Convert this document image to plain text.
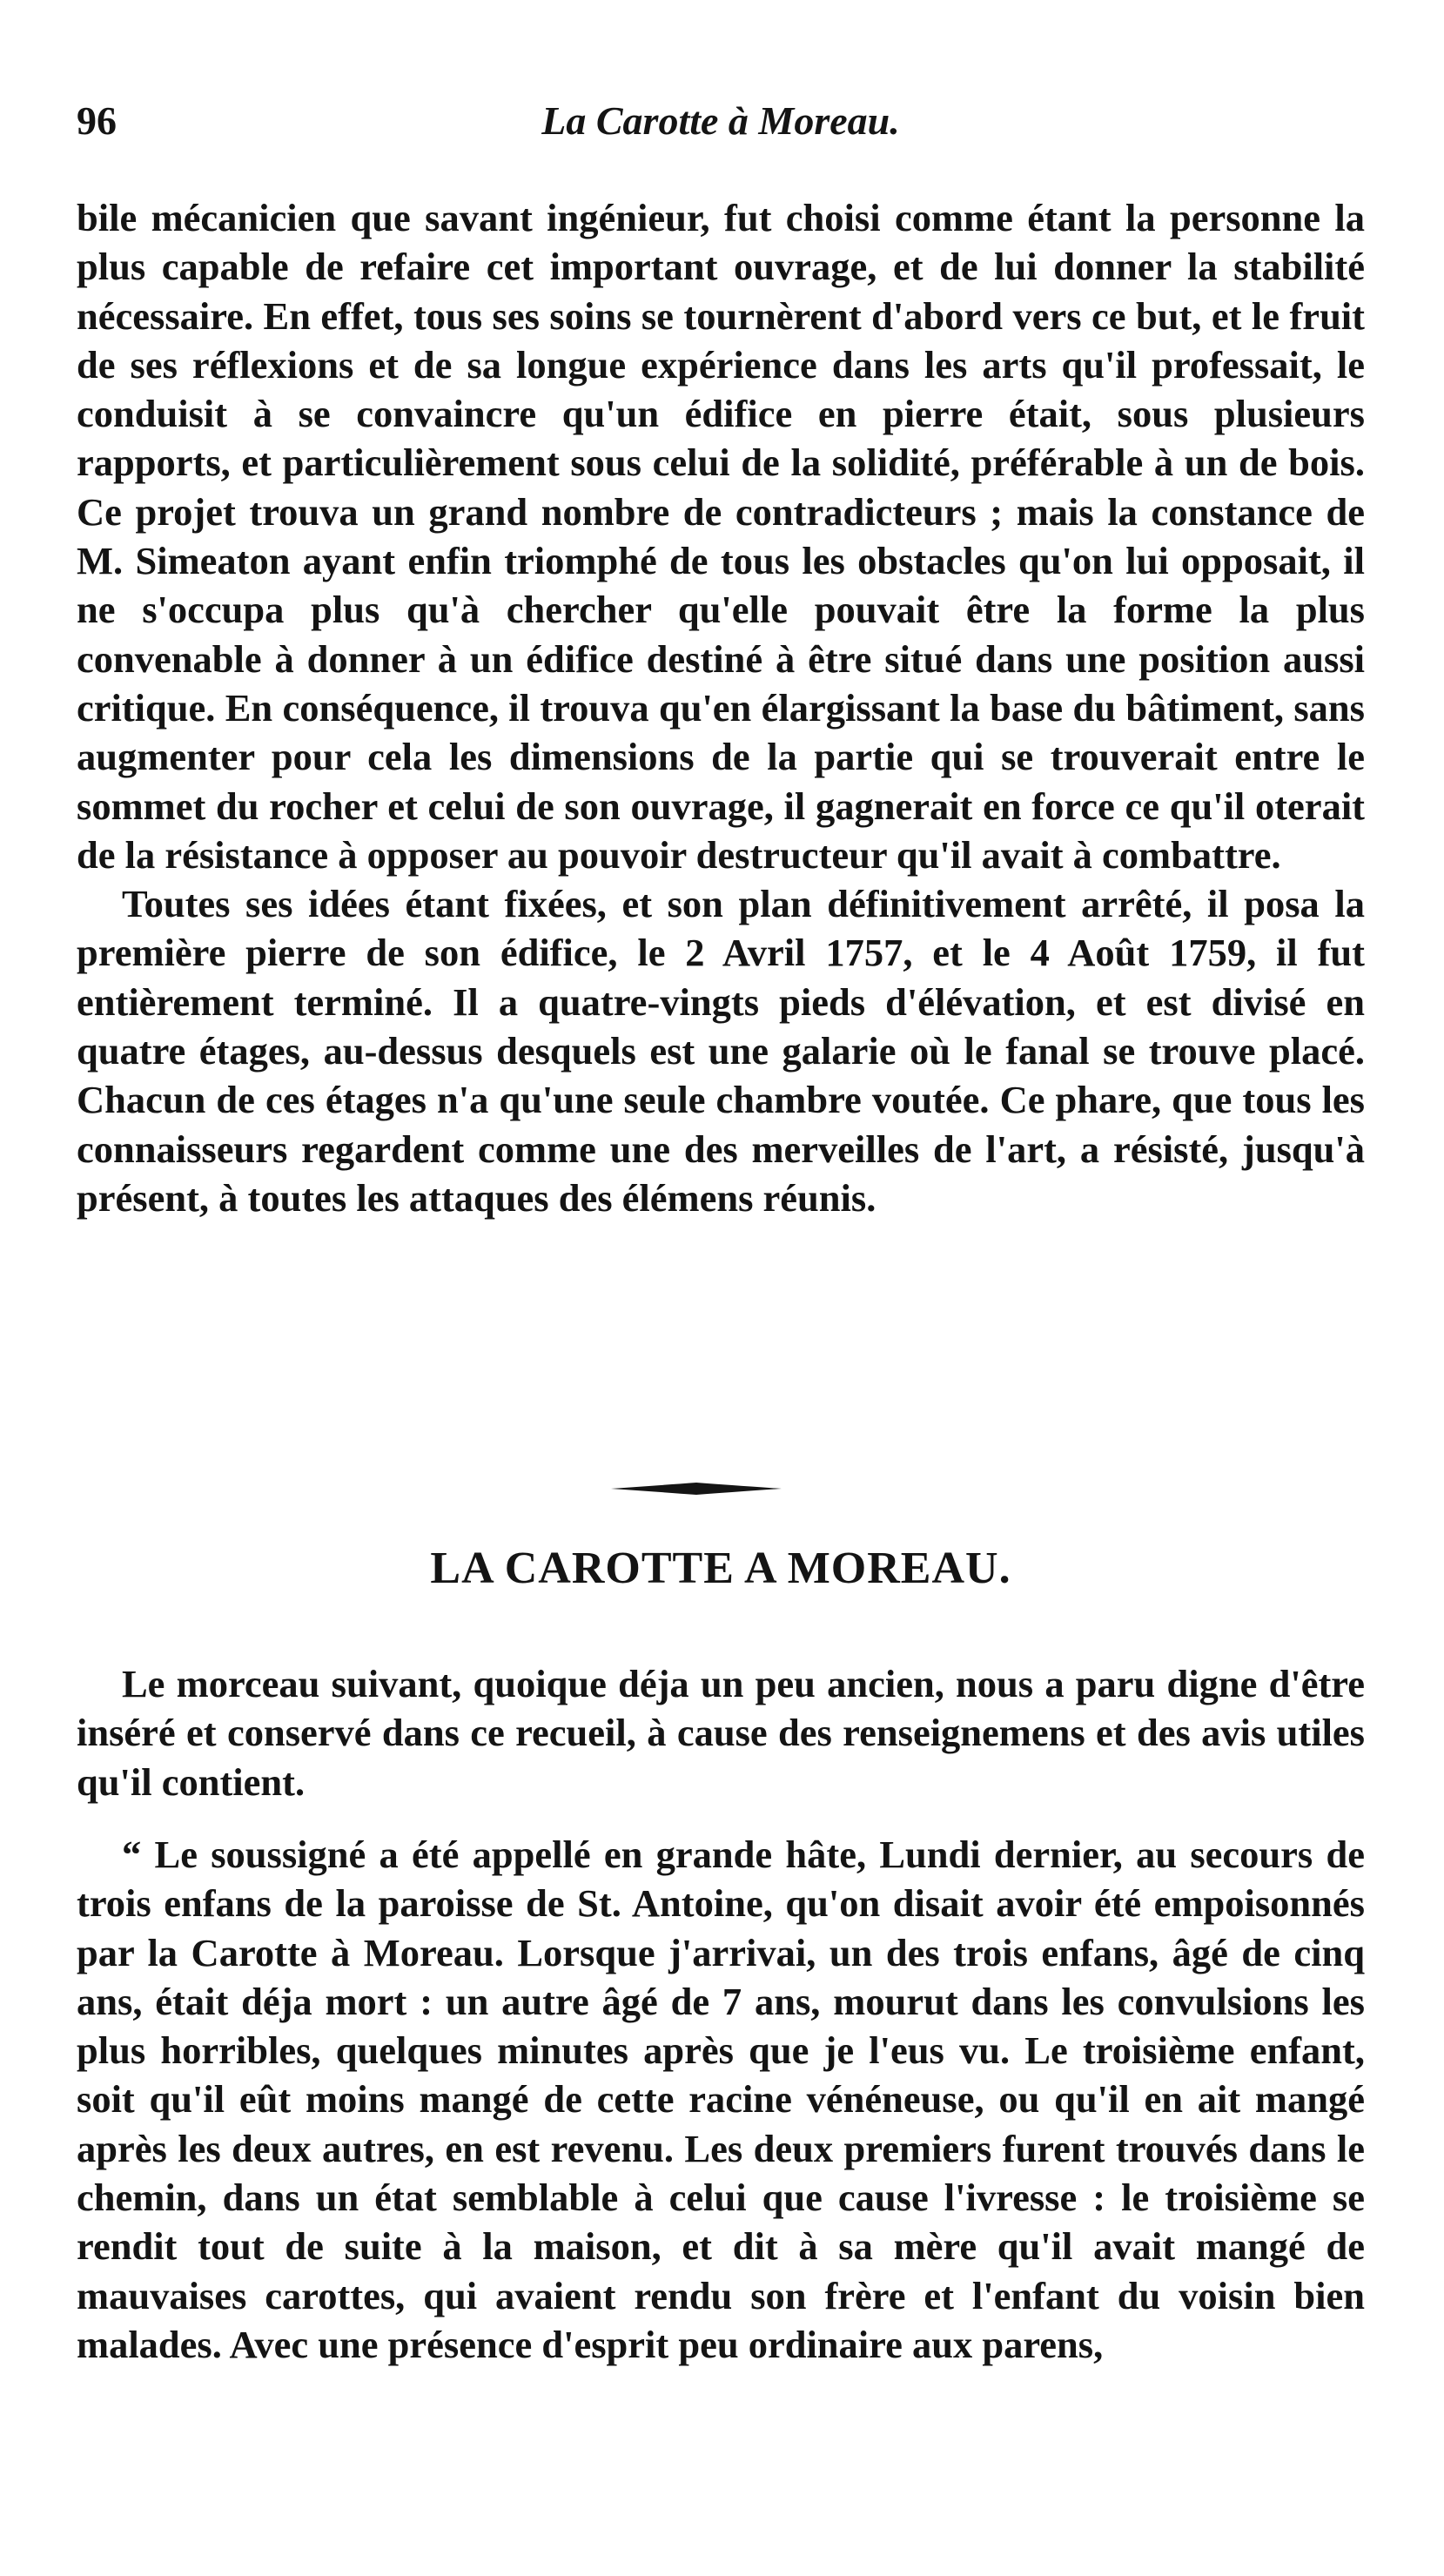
96	La Carotte à Moreau.

bile mécanicien que savant ingénieur, fut choisi comme étant la personne la plus capable de refaire cet important ouvrage, et de lui donner la stabilité nécessaire. En effet, tous ses soins se tournèrent d'abord vers ce but, et le fruit de ses réflexions et de sa longue expérience dans les arts qu'il professait, le conduisit à se convaincre qu'un édifice en pierre était, sous plusieurs rapports, et particulièrement sous celui de la solidité, préférable à un de bois. Ce projet trouva un grand nombre de contradicteurs ; mais la constance de M. Simeaton ayant enfin triomphé de tous les obstacles qu'on lui opposait, il ne s'occupa plus qu'à chercher qu'elle pouvait être la forme la plus convenable à donner à un édifice destiné à être situé dans une position aussi critique. En conséquence, il trouva qu'en élargissant la base du bâtiment, sans augmenter pour cela les dimensions de la partie qui se trouverait entre le sommet du rocher et celui de son ouvrage, il gagnerait en force ce qu'il oterait de la résistance à opposer au pouvoir destructeur qu'il avait à combattre.

Toutes ses idées étant fixées, et son plan définitivement arrêté, il posa la première pierre de son édifice, le 2 Avril 1757, et le 4 Août 1759, il fut entièrement terminé. Il a quatre-vingts pieds d'élévation, et est divisé en quatre étages, au-dessus desquels est une galarie où le fanal se trouve placé. Chacun de ces étages n'a qu'une seule chambre voutée. Ce phare, que tous les connaisseurs regardent comme une des merveilles de l'art, a résisté, jusqu'à présent, à toutes les attaques des élémens réunis.

LA CAROTTE A MOREAU.

Le morceau suivant, quoique déja un peu ancien, nous a paru digne d'être inséré et conservé dans ce recueil, à cause des renseignemens et des avis utiles qu'il contient.

“ Le soussigné a été appellé en grande hâte, Lundi dernier, au secours de trois enfans de la paroisse de St. Antoine, qu'on disait avoir été empoisonnés par la Carotte à Moreau. Lorsque j'arrivai, un des trois enfans, âgé de cinq ans, était déja mort : un autre âgé de 7 ans, mourut dans les convulsions les plus horribles, quelques minutes après que je l'eus vu. Le troisième enfant, soit qu'il eût moins mangé de cette racine vénéneuse, ou qu'il en ait mangé après les deux autres, en est revenu. Les deux premiers furent trouvés dans le chemin, dans un état semblable à celui que cause l'ivresse : le troisième se rendit tout de suite à la maison, et dit à sa mère qu'il avait mangé de mauvaises carottes, qui avaient rendu son frère et l'enfant du voisin bien malades. Avec une présence d'esprit peu ordinaire aux parens,
